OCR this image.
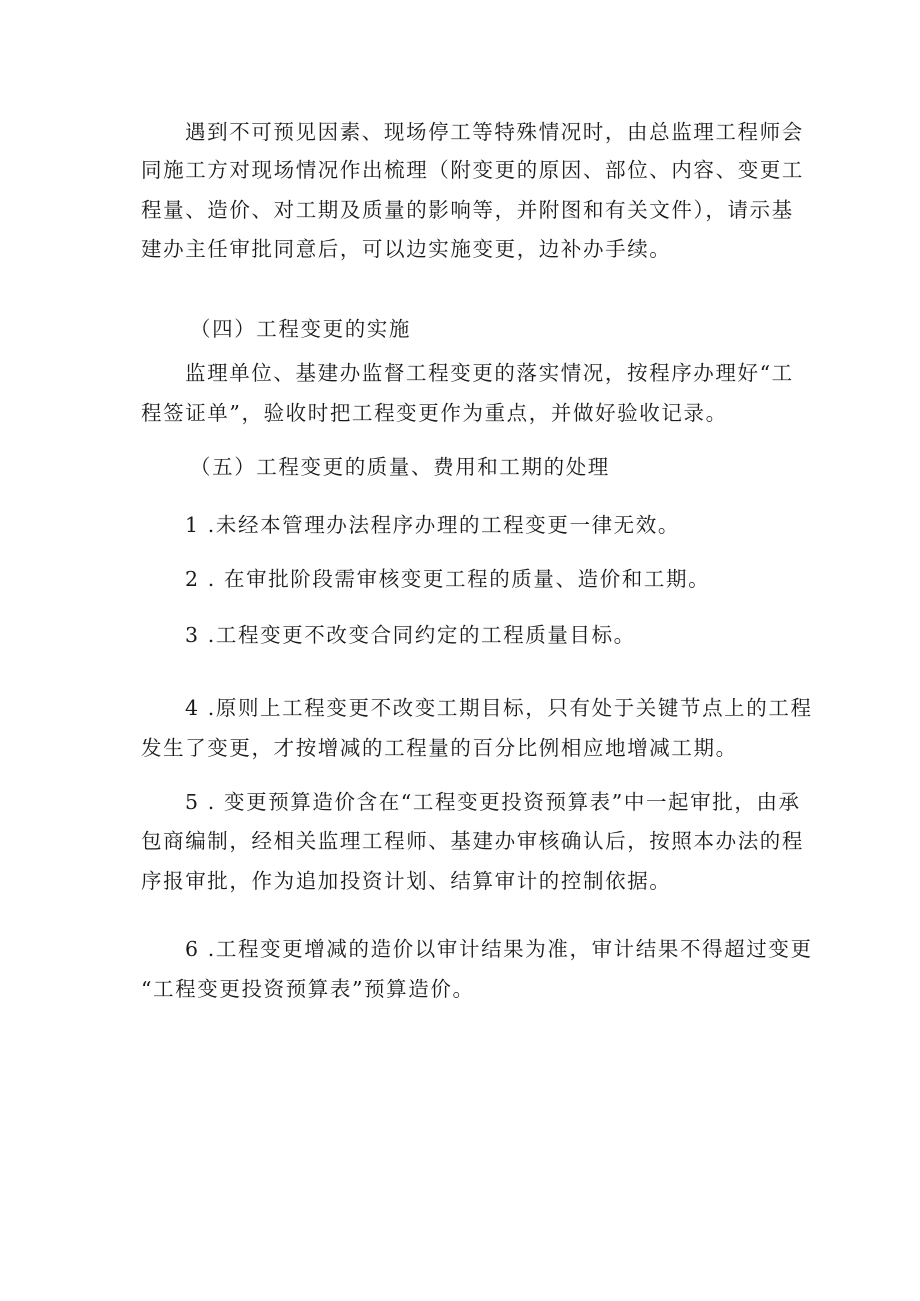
遇到不可预见因素、现场停工等特殊情况时，由总监理工程师会
同施工方对现场情况作出梳理（附变更的原因、部位、内容、变更工
程量、造价、对工期及质量的影响等，并附图和有关文件），请示基
建办主任审批同意后，可以边实施变更，边补办手续。
（四）工程变更的实施
监理单位、基建办监督工程变更的落实情况，按程序办理好“工
程签证单”，验收时把工程变更作为重点，并做好验收记录。
（五）工程变更的质量、费用和工期的处理
1 .未经本管理办法程序办理的工程变更一律无效。
2 . 在审批阶段需审核变更工程的质量、造价和工期。
3 .工程变更不改变合同约定的工程质量目标。
4 .原则上工程变更不改变工期目标，只有处于关键节点上的工程
发生了变更，才按增减的工程量的百分比例相应地增减工期。
5 . 变更预算造价含在“工程变更投资预算表”中一起审批，由承
包商编制，经相关监理工程师、基建办审核确认后，按照本办法的程
序报审批，作为追加投资计划、结算审计的控制依据。
6 .工程变更增减的造价以审计结果为准，审计结果不得超过变更
“工程变更投资预算表”预算造价。
